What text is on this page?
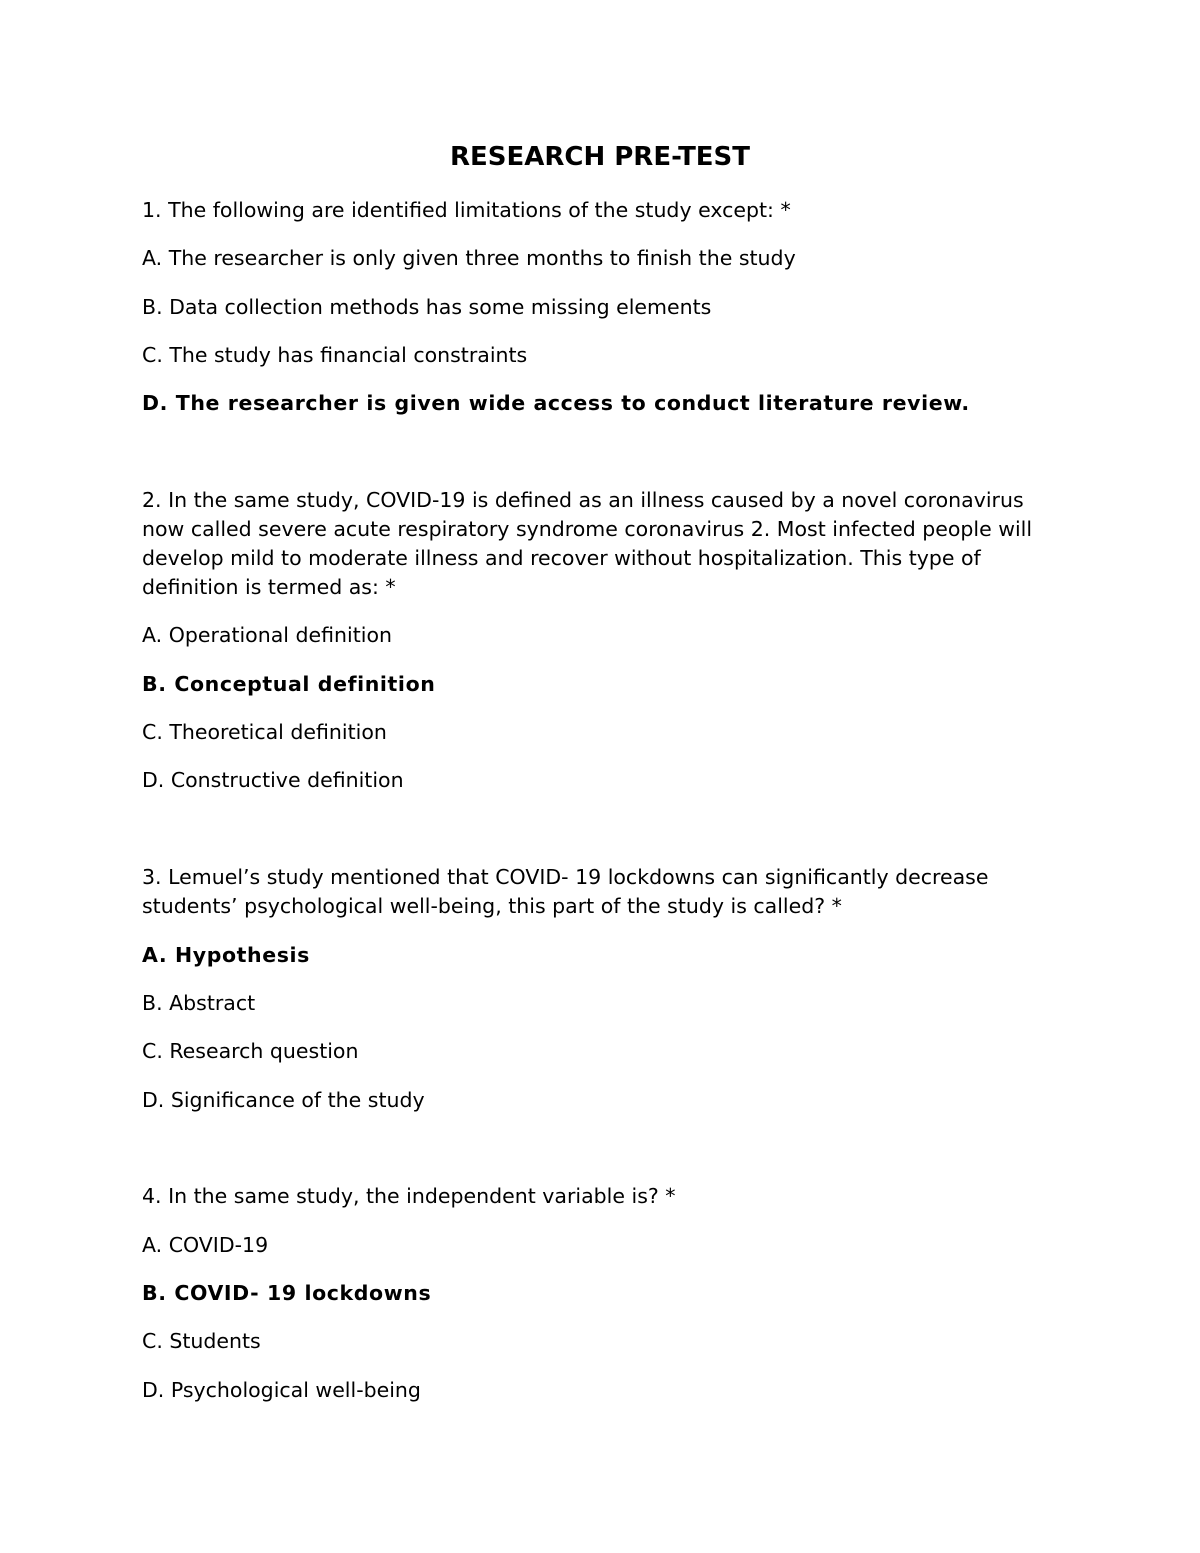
RESEARCH PRE-TEST
1. The following are identified limitations of the study except: *
A. The researcher is only given three months to finish the study
B. Data collection methods has some missing elements
C. The study has financial constraints
D. The researcher is given wide access to conduct literature review.
2. In the same study, COVID-19 is defined as an illness caused by a novel coronavirus now called severe acute respiratory syndrome coronavirus 2. Most infected people will develop mild to moderate illness and recover without hospitalization. This type of definition is termed as: *
A. Operational definition
B. Conceptual definition
C. Theoretical definition
D. Constructive definition
3. Lemuel’s study mentioned that COVID- 19 lockdowns can significantly decrease students’ psychological well-being, this part of the study is called? *
A. Hypothesis
B. Abstract
C. Research question
D. Significance of the study
4. In the same study, the independent variable is? *
A. COVID-19
B. COVID- 19 lockdowns
C. Students
D. Psychological well-being
